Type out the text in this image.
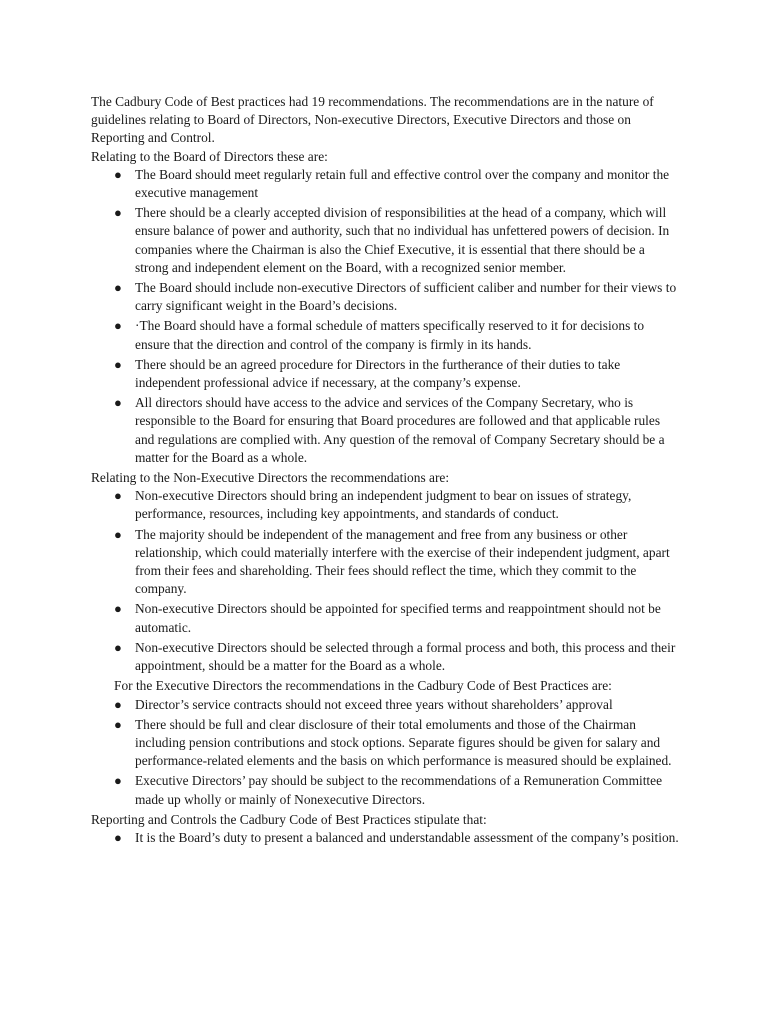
The Cadbury Code of Best practices had 19 recommendations. The recommendations are in the nature of guidelines relating to Board of Directors, Non-executive Directors, Executive Directors and those on Reporting and Control.

Relating to the Board of Directors these are:

● The Board should meet regularly retain full and effective control over the company and monitor the executive management
● There should be a clearly accepted division of responsibilities at the head of a company, which will ensure balance of power and authority, such that no individual has unfettered powers of decision. In companies where the Chairman is also the Chief Executive, it is essential that there should be a strong and independent element on the Board, with a recognized senior member.
● The Board should include non-executive Directors of sufficient caliber and number for their views to carry significant weight in the Board’s decisions.
● ·The Board should have a formal schedule of matters specifically reserved to it for decisions to ensure that the direction and control of the company is firmly in its hands.
● There should be an agreed procedure for Directors in the furtherance of their duties to take independent professional advice if necessary, at the company’s expense.
● All directors should have access to the advice and services of the Company Secretary, who is responsible to the Board for ensuring that Board procedures are followed and that applicable rules and regulations are complied with. Any question of the removal of Company Secretary should be a matter for the Board as a whole.

Relating to the Non-Executive Directors the recommendations are:

● Non-executive Directors should bring an independent judgment to bear on issues of strategy, performance, resources, including key appointments, and standards of conduct.
● The majority should be independent of the management and free from any business or other relationship, which could materially interfere with the exercise of their independent judgment, apart from their fees and shareholding. Their fees should reflect the time, which they commit to the company.
● Non-executive Directors should be appointed for specified terms and reappointment should not be automatic.
● Non-executive Directors should be selected through a formal process and both, this process and their appointment, should be a matter for the Board as a whole.

For the Executive Directors the recommendations in the Cadbury Code of Best Practices are:

● Director’s service contracts should not exceed three years without shareholders’ approval
● There should be full and clear disclosure of their total emoluments and those of the Chairman including pension contributions and stock options. Separate figures should be given for salary and performance-related elements and the basis on which performance is measured should be explained.
● Executive Directors’ pay should be subject to the recommendations of a Remuneration Committee made up wholly or mainly of Nonexecutive Directors.

Reporting and Controls the Cadbury Code of Best Practices stipulate that:

● It is the Board’s duty to present a balanced and understandable assessment of the company’s position.
